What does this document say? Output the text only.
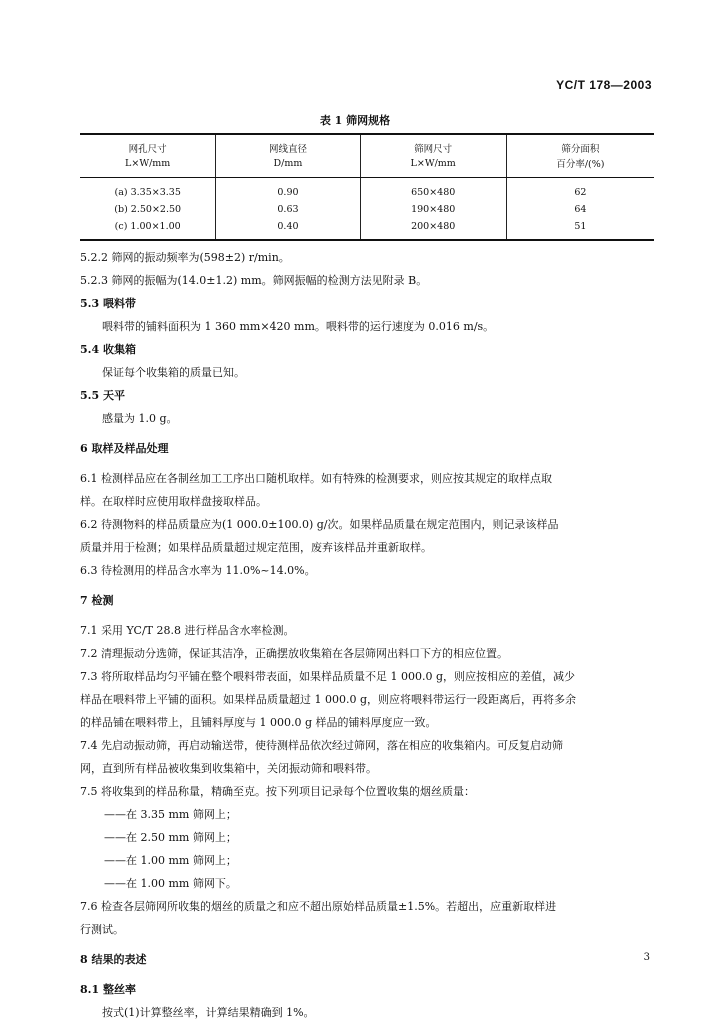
YC/T 178—2003
表 1 筛网规格
网孔尺寸	网线直径	筛网尺寸	筛分面积
L×W/mm	D/mm	L×W/mm	百分率/(%)
(a) 3.35×3.35	0.90	650×480	62
(b) 2.50×2.50	0.63	190×480	64
(c) 1.00×1.00	0.40	200×480	51
5.2.2 筛网的振动频率为(598±2) r/min。
5.2.3 筛网的振幅为(14.0±1.2) mm。筛网振幅的检测方法见附录 B。
5.3 喂料带
喂料带的铺料面积为 1 360 mm×420 mm。喂料带的运行速度为 0.016 m/s。
5.4 收集箱
保证每个收集箱的质量已知。
5.5 天平
感量为 1.0 g。
6 取样及样品处理
6.1 检测样品应在各制丝加工工序出口随机取样。如有特殊的检测要求，则应按其规定的取样点取
样。在取样时应使用取样盘接取样品。
6.2 待测物料的样品质量应为(1 000.0±100.0) g/次。如果样品质量在规定范围内，则记录该样品
质量并用于检测；如果样品质量超过规定范围，废弃该样品并重新取样。
6.3 待检测用的样品含水率为 11.0%~14.0%。
7 检测
7.1 采用 YC/T 28.8 进行样品含水率检测。
7.2 清理振动分选筛，保证其洁净，正确摆放收集箱在各层筛网出料口下方的相应位置。
7.3 将所取样品均匀平铺在整个喂料带表面，如果样品质量不足 1 000.0 g，则应按相应的差值，减少
样品在喂料带上平铺的面积。如果样品质量超过 1 000.0 g，则应将喂料带运行一段距离后，再将多余
的样品铺在喂料带上，且铺料厚度与 1 000.0 g 样品的铺料厚度应一致。
7.4 先启动振动筛，再启动输送带，使待测样品依次经过筛网，落在相应的收集箱内。可反复启动筛
网，直到所有样品被收集到收集箱中，关闭振动筛和喂料带。
7.5 将收集到的样品称量，精确至克。按下列项目记录每个位置收集的烟丝质量：
——在 3.35 mm 筛网上；
——在 2.50 mm 筛网上；
——在 1.00 mm 筛网上；
——在 1.00 mm 筛网下。
7.6 检查各层筛网所收集的烟丝的质量之和应不超出原始样品质量±1.5%。若超出，应重新取样进
行测试。
8 结果的表述
8.1 整丝率
按式(1)计算整丝率，计算结果精确到 1%。
3
